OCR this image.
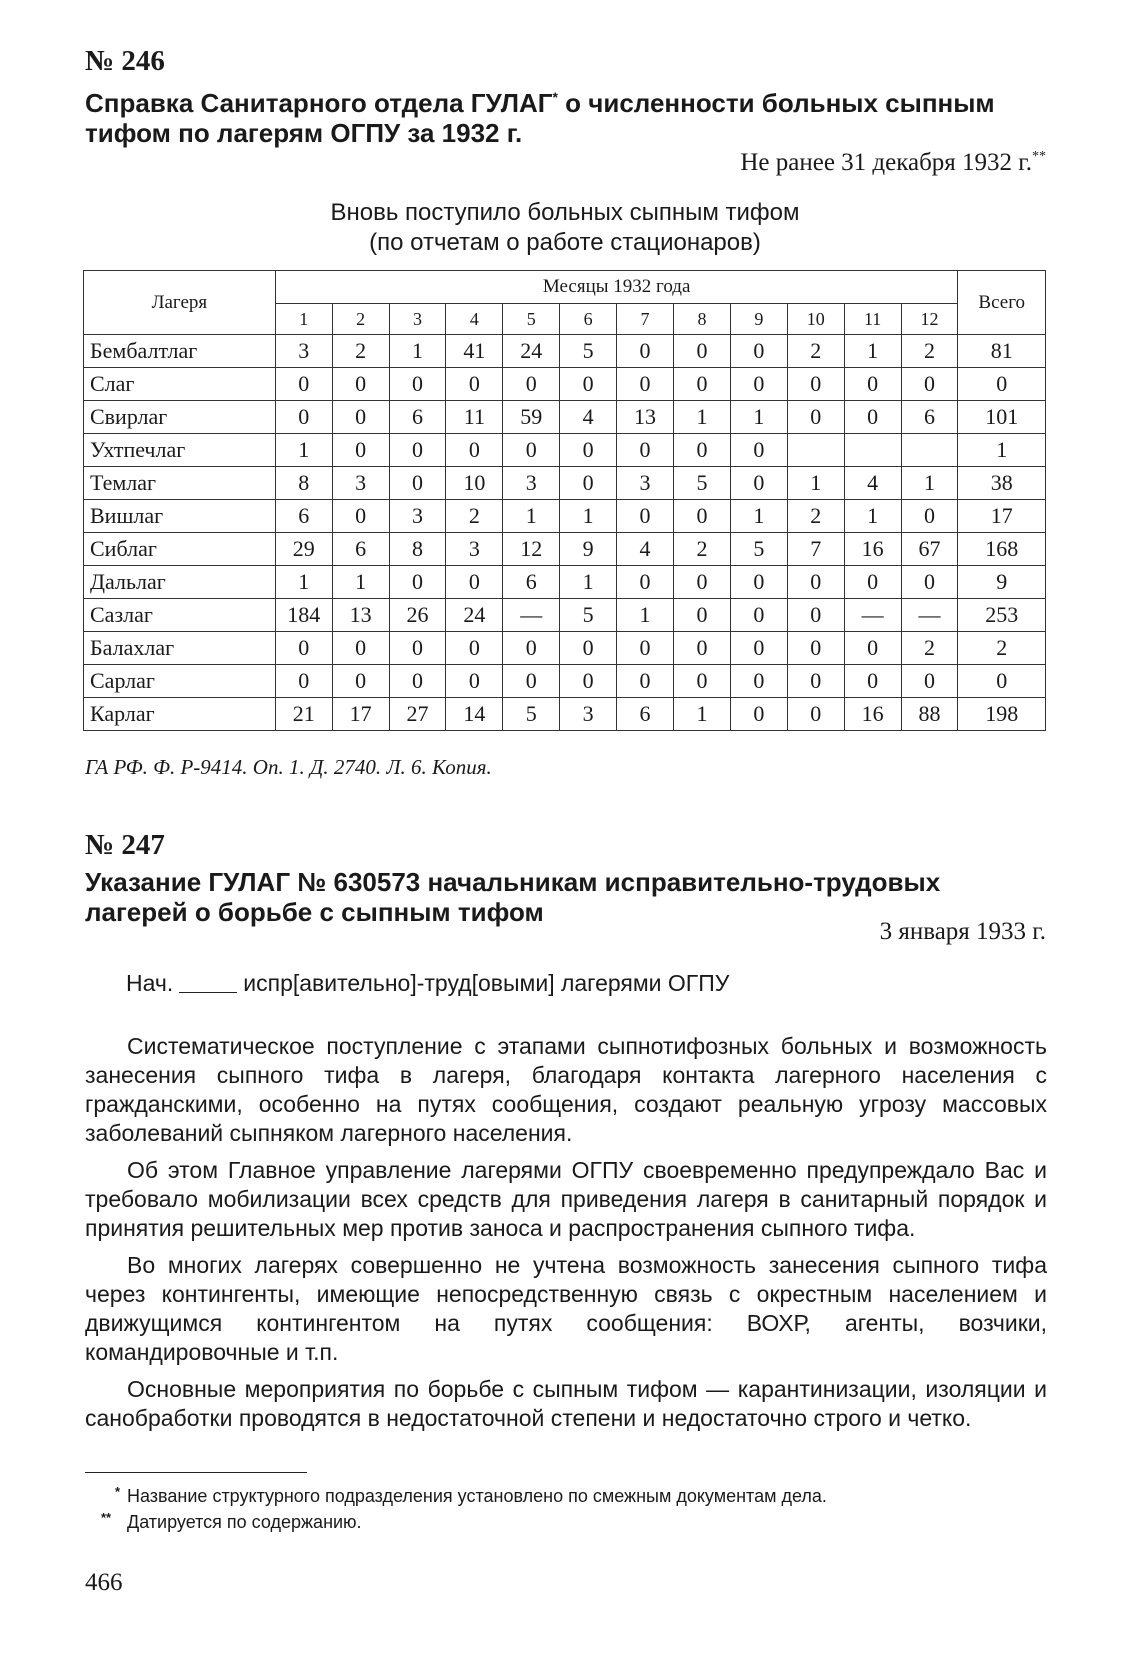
№ 246
Справка Санитарного отдела ГУЛАГ* о численности больных сыпным тифом по лагерям ОГПУ за 1932 г.
Не ранее 31 декабря 1932 г.**
Вновь поступило больных сыпным тифом
(по отчетам о работе стационаров)
Лагеря	Месяцы 1932 года												Всего
	1	2	3	4	5	6	7	8	9	10	11	12	
Бембалтлаг	3	2	1	41	24	5	0	0	0	2	1	2	81
Слаг	0	0	0	0	0	0	0	0	0	0	0	0	0
Свирлаг	0	0	6	11	59	4	13	1	1	0	0	6	101
Ухтпечлаг	1	0	0	0	0	0	0	0	0				1
Темлаг	8	3	0	10	3	0	3	5	0	1	4	1	38
Вишлаг	6	0	3	2	1	1	0	0	1	2	1	0	17
Сиблаг	29	6	8	3	12	9	4	2	5	7	16	67	168
Дальлаг	1	1	0	0	6	1	0	0	0	0	0	0	9
Сазлаг	184	13	26	24	—	5	1	0	0	0	—	—	253
Балахлаг	0	0	0	0	0	0	0	0	0	0	0	2	2
Сарлаг	0	0	0	0	0	0	0	0	0	0	0	0	0
Карлаг	21	17	27	14	5	3	6	1	0	0	16	88	198
ГА РФ. Ф. Р-9414. Оп. 1. Д. 2740. Л. 6. Копия.
№ 247
Указание ГУЛАГ № 630573 начальникам исправительно-трудовых лагерей о борьбе с сыпным тифом
3 января 1933 г.
Нач.	испр[авительно]-труд[овыми] лагерями ОГПУ

Систематическое поступление с этапами сыпнотифозных больных и возможность занесения сыпного тифа в лагеря, благодаря контакта лагерного населения с гражданскими, особенно на путях сообщения, создают реальную угрозу массовых заболеваний сыпняком лагерного населения.

Об этом Главное управление лагерями ОГПУ своевременно предупреждало Вас и требовало мобилизации всех средств для приведения лагеря в санитарный порядок и принятия решительных мер против заноса и распространения сыпного тифа.

Во многих лагерях совершенно не учтена возможность занесения сыпного тифа через контингенты, имеющие непосредственную связь с окрестным населением и движущимся контингентом на путях сообщения: ВОХР, агенты, возчики, командировочные и т.п.

Основные мероприятия по борьбе с сыпным тифом — карантинизации, изоляции и санобработки проводятся в недостаточной степени и недостаточно строго и четко.

* Название структурного подразделения установлено по смежным документам дела.
** Датируется по содержанию.
466
